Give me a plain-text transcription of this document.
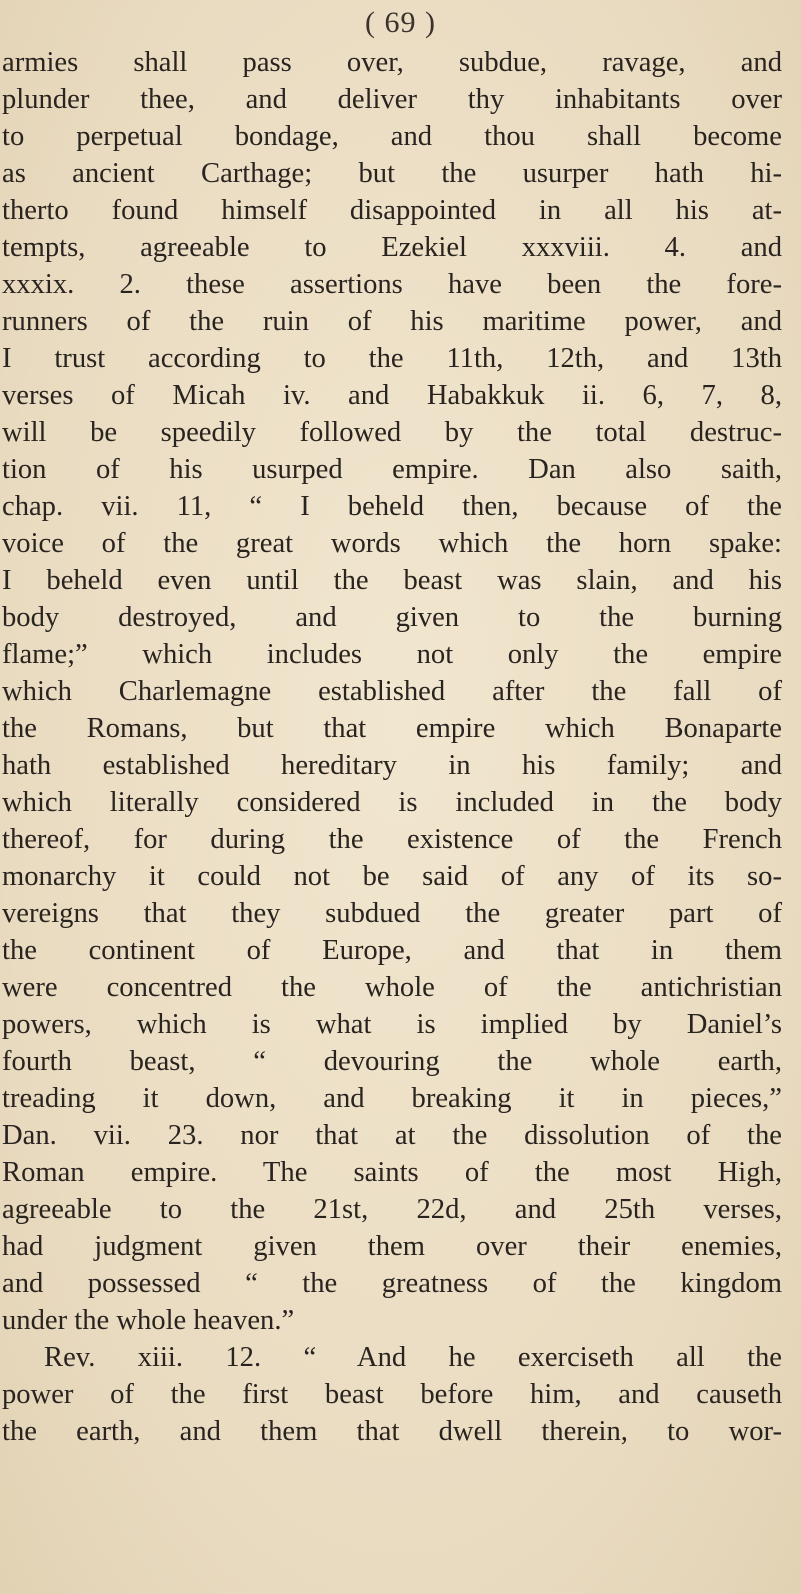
( 69 )
armies shall pass over, subdue, ravage, and
plunder thee, and deliver thy inhabitants over
to perpetual bondage, and thou shall become
as ancient Carthage; but the usurper hath hi-
therto found himself disappointed in all his at-
tempts, agreeable to Ezekiel xxxviii. 4. and
xxxix. 2. these assertions have been the fore-
runners of the ruin of his maritime power, and
I trust according to the 11th, 12th, and 13th
verses of Micah iv. and Habakkuk ii. 6, 7, 8,
will be speedily followed by the total destruc-
tion of his usurped empire. Dan also saith,
chap. vii. 11, “ I beheld then, because of the
voice of the great words which the horn spake:
I beheld even until the beast was slain, and his
body destroyed, and given to the burning
flame;” which includes not only the empire
which Charlemagne established after the fall of
the Romans, but that empire which Bonaparte
hath established hereditary in his family; and
which literally considered is included in the body
thereof, for during the existence of the French
monarchy it could not be said of any of its so-
vereigns that they subdued the greater part of
the continent of Europe, and that in them
were concentred the whole of the antichristian
powers, which is what is implied by Daniel’s
fourth beast, “ devouring the whole earth,
treading it down, and breaking it in pieces,”
Dan. vii. 23. nor that at the dissolution of the
Roman empire. The saints of the most High,
agreeable to the 21st, 22d, and 25th verses,
had judgment given them over their enemies,
and possessed “ the greatness of the kingdom
under the whole heaven.”
Rev. xiii. 12. “ And he exerciseth all the
power of the first beast before him, and causeth
the earth, and them that dwell therein, to wor-
